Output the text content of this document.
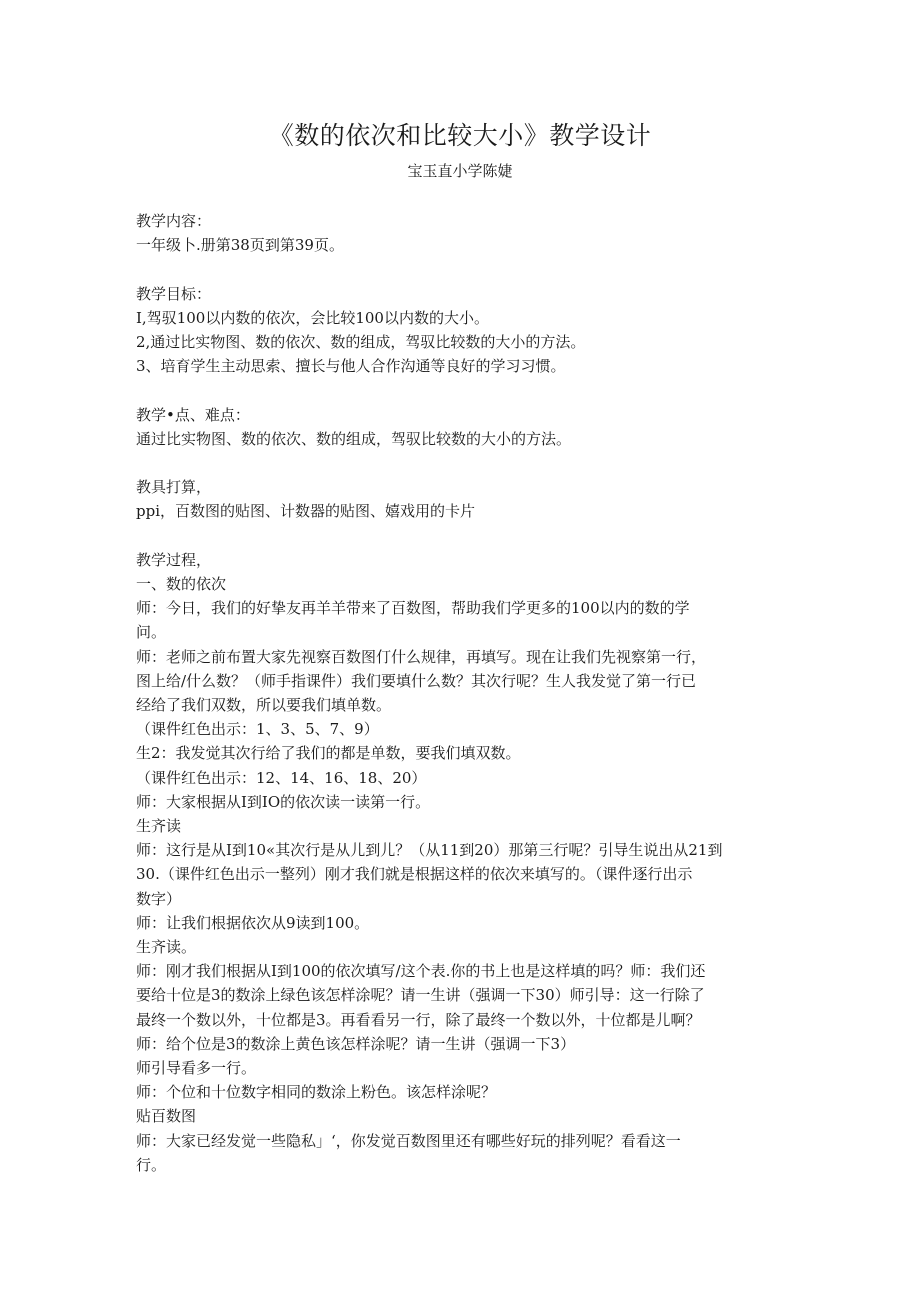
《数的依次和比较大小》教学设计

宝玉直小学陈婕

教学内容：

一年级卜.册第38页到第39页。

教学目标：

I,驾驭100以内数的依次，会比较100以内数的大小。

2,通过比实物图、数的依次、数的组成，驾驭比较数的大小的方法。

3、培育学生主动思索、擅长与他人合作沟通等良好的学习习惯。

教学•点、难点：

通过比实物图、数的依次、数的组成，驾驭比较数的大小的方法。

教具打算，

ppi，百数图的贴图、计数器的贴图、嬉戏用的卡片

教学过程，

一、数的依次

师：今日，我们的好挚友再羊羊带来了百数图，帮助我们学更多的100以内的数的学

问。

师：老师之前布置大家先视察百数图仃什么规律，再填写。现在让我们先视察第一行，

图上给/什么数？（师手指课件）我们要填什么数？其次行呢？生人我发觉了第一行已

经给了我们双数，所以要我们填单数。

（课件红色出示：1、3、5、7、9）

生2：我发觉其次行给了我们的都是单数，要我们填双数。

（课件红色出示：12、14、16、18、20）

师：大家根据从I到IO的依次读一读第一行。

生齐读

师：这行是从I到10«其次行是从儿到儿？（从11到20）那第三行呢？引导生说出从21到

30.（课件红色出示一整列）刚才我们就是根据这样的依次来填写的。（课件逐行出示

数字）

师：让我们根据依次从9读到100。

生齐读。

师：刚才我们根据从I到100的依次填写/这个表.你的书上也是这样填的吗？师：我们还

要给十位是3的数涂上绿色该怎样涂呢？请一生讲（强调一下30）师引导：这一行除了

最终一个数以外，十位都是3。再看看另一行，除了最终一个数以外，十位都是儿啊？

师：给个位是3的数涂上黄色该怎样涂呢？请一生讲（强调一下3）

师引导看多一行。

师：个位和十位数字相同的数涂上粉色。该怎样涂呢？

贴百数图

师：大家已经发觉一些隐私」‘，你发觉百数图里还有哪些好玩的排列呢？看看这一

行。
